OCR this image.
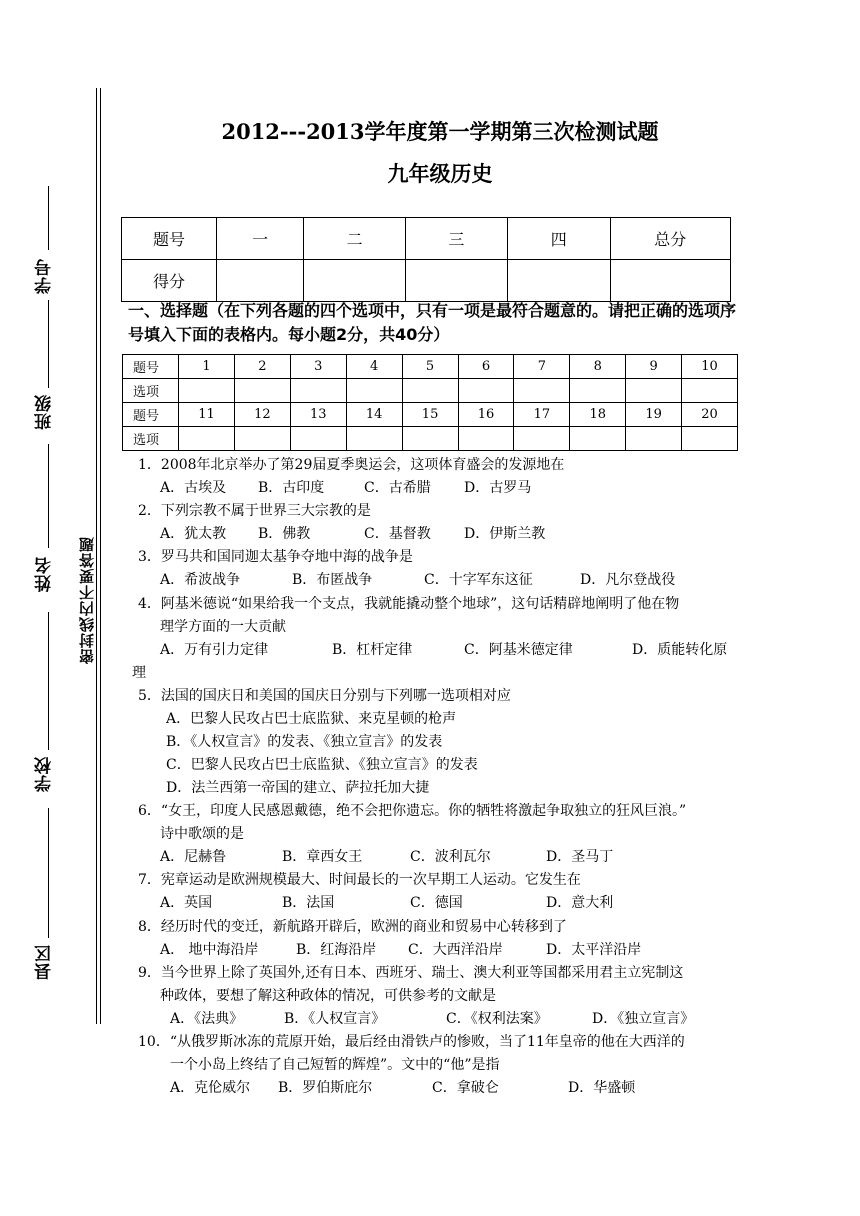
学号
班级
姓名
学校
县区
密封线内不要答题
2012---2013学年度第一学期第三次检测试题
九年级历史
题号	一	二	三	四	总分
得分					
一、选择题（在下列各题的四个选项中，只有一项是最符合题意的。请把正确的选项序号填入下面的表格内。每小题2分，共40分）
题号	1	2	3	4	5	6	7	8	9	10
选项										
题号	11	12	13	14	15	16	17	18	19	20
选项										
1．2008年北京举办了第29届夏季奥运会，这项体育盛会的发源地在
A．古埃及 B．古印度	C．古希腊 D．古罗马
2．下列宗教不属于世界三大宗教的是
A．犹太教 B．佛教	C．基督教 D．伊斯兰教
3．罗马共和国同迦太基争夺地中海的战争是
A．希波战争	B．布匿战争	C．十字军东这征	D．凡尔登战役
4．阿基米德说“如果给我一个支点，我就能撬动整个地球”，这句话精辟地阐明了他在物
理学方面的一大贡献
A．万有引力定律	B．杠杆定律	C．阿基米德定律	D．质能转化原
理
5．法国的国庆日和美国的国庆日分别与下列哪一选项相对应
A．巴黎人民攻占巴士底监狱、来克星顿的枪声
B．《人权宣言》的发表、《独立宣言》的发表
C．巴黎人民攻占巴士底监狱、《独立宣言》的发表
D．法兰西第一帝国的建立、萨拉托加大捷
6．“女王，印度人民感恩戴德，绝不会把你遗忘。你的牺牲将激起争取独立的狂风巨浪。”
诗中歌颂的是
A．尼赫鲁	B．章西女王	C．波利瓦尔	D．圣马丁
7．宪章运动是欧洲规模最大、时间最长的一次早期工人运动。它发生在
A．英国	B．法国	C．德国	D．意大利
8．经历时代的变迁，新航路开辟后，欧洲的商业和贸易中心转移到了
A． 地中海沿岸	B．红海沿岸 C．大西洋沿岸	D．太平洋沿岸
9．当今世界上除了英国外,还有日本、西班牙、瑞士、澳大利亚等国都采用君主立宪制这
种政体，要想了解这种政体的情况，可供参考的文献是
A．《法典》	B．《人权宣言》	C．《权利法案》	D．《独立宣言》
10．“从俄罗斯冰冻的荒原开始，最后经由滑铁卢的惨败，当了11年皇帝的他在大西洋的
一个小岛上终结了自己短暂的辉煌”。文中的“他”是指
A．克伦威尔 B．罗伯斯庇尔	C．拿破仑	D．华盛顿
